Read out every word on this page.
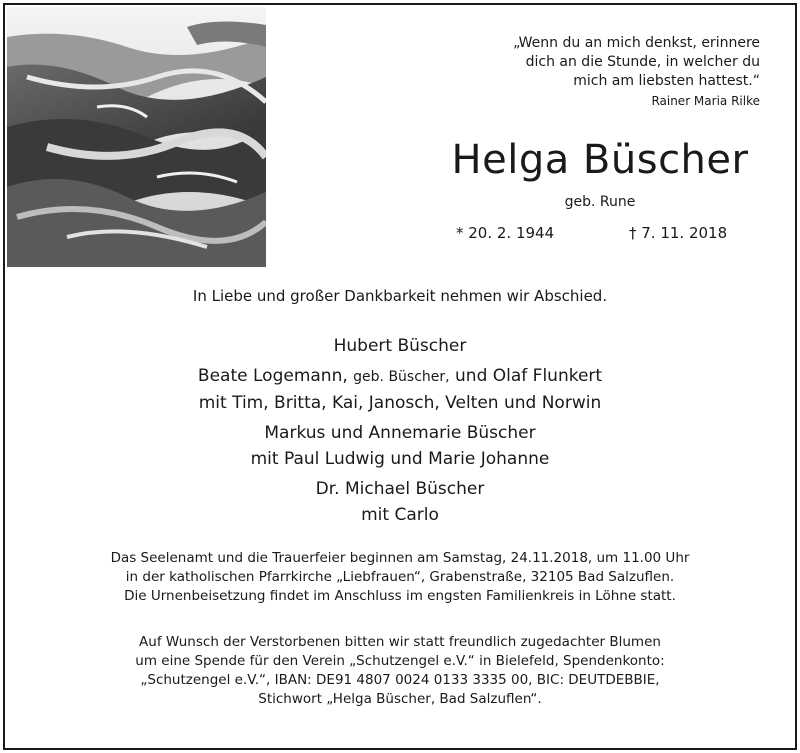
„Wenn du an mich denkst, erinnere
dich an die Stunde, in welcher du
mich am liebsten hattest.“
Rainer Maria Rilke
Helga Büscher
geb. Rune
* 20. 2. 1944	† 7. 11. 2018
In Liebe und großer Dankbarkeit nehmen wir Abschied.
Hubert Büscher
Beate Logemann, geb. Büscher, und Olaf Flunkert
mit Tim, Britta, Kai, Janosch, Velten und Norwin
Markus und Annemarie Büscher
mit Paul Ludwig und Marie Johanne
Dr. Michael Büscher
mit Carlo
Das Seelenamt und die Trauerfeier beginnen am Samstag, 24.11.2018, um 11.00 Uhr
in der katholischen Pfarrkirche „Liebfrauen“, Grabenstraße, 32105 Bad Salzuflen.
Die Urnenbeisetzung findet im Anschluss im engsten Familienkreis in Löhne statt.
Auf Wunsch der Verstorbenen bitten wir statt freundlich zugedachter Blumen
um eine Spende für den Verein „Schutzengel e.V.“ in Bielefeld, Spendenkonto:
„Schutzengel e.V.“, IBAN: DE91 4807 0024 0133 3335 00, BIC: DEUTDEBBIE,
Stichwort „Helga Büscher, Bad Salzuflen“.
